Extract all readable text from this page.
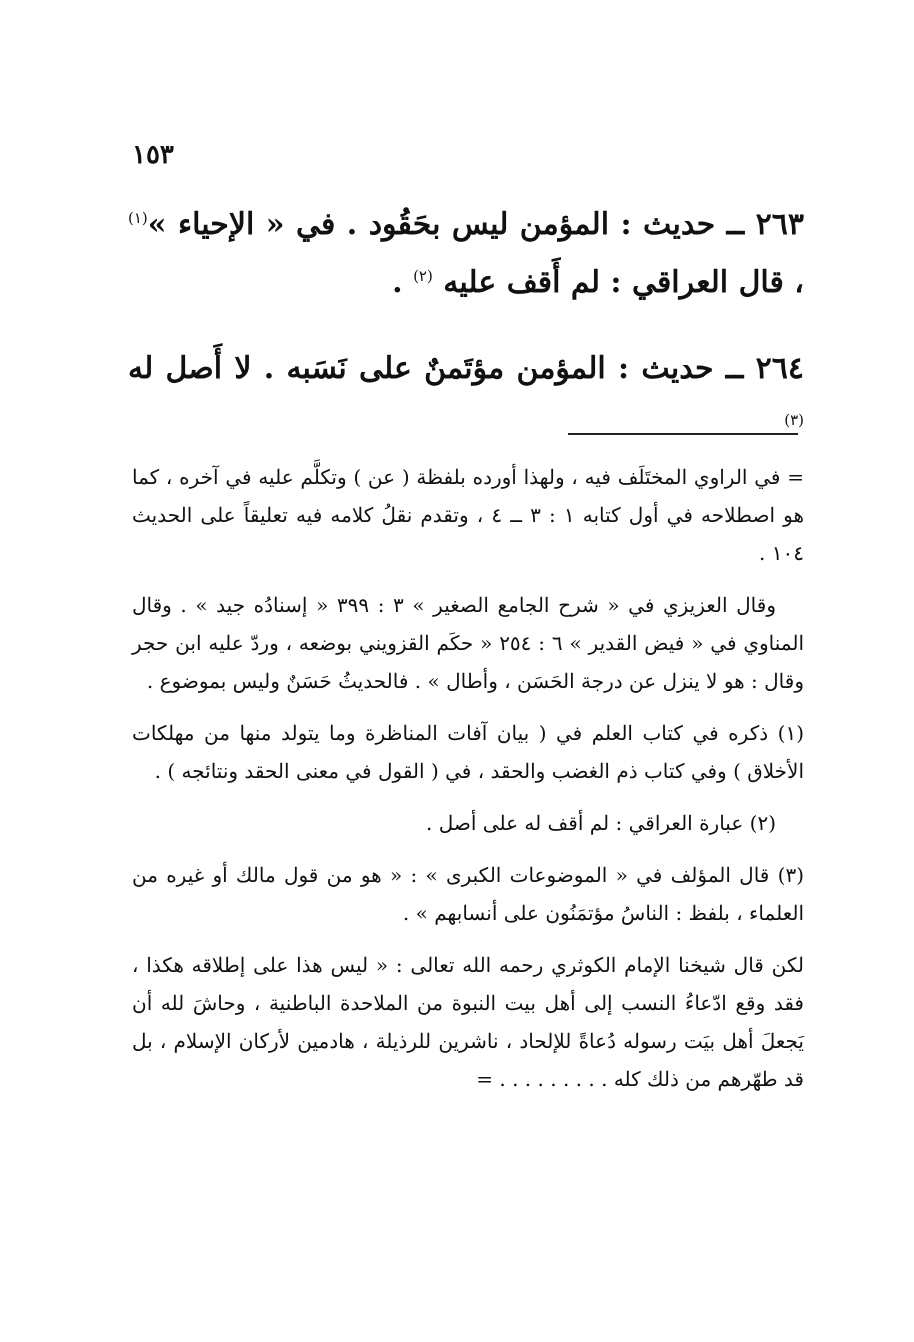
١٥٣

٢٦٣ ــ حديث : المؤمن ليس بحَقُود . في « الإحياء »$^{(١)}$ ، قال العراقي : لم أَقف عليه $^{(٢)}$ .

٢٦٤ ــ حديث : المؤمن مؤتَمنٌ على نَسَبه . لا أَصل له $^{(٣)}$

= في الراوي المختَلَف فيه ، ولهذا أورده بلفظة ( عن ) وتكلَّم عليه في آخره ، كما هو اصطلاحه في أول كتابه ١ : ٣ ــ ٤ ، وتقدم نقلُ كلامه فيه تعليقاً على الحديث ١٠٤ .

وقال العزيزي في « شرح الجامع الصغير » ٣ : ٣٩٩ « إسنادُه جيد » . وقال المناوي في « فيض القدير » ٦ : ٢٥٤ « حكَم القزويني بوضعه ، وردّ عليه ابن حجر وقال : هو لا ينزل عن درجة الحَسَن ، وأطال » . فالحديثُ حَسَنٌ وليس بموضوع .

(١) ذكره في كتاب العلم في ( بيان آفات المناظرة وما يتولد منها من مهلكات الأخلاق ) وفي كتاب ذم الغضب والحقد ، في ( القول في معنى الحقد ونتائجه ) .

(٢) عبارة العراقي : لم أقف له على أصل .

(٣) قال المؤلف في « الموضوعات الكبرى » : « هو من قول مالك أو غيره من العلماء ، بلفظ : الناسُ مؤتمَنُون على أنسابهم » .

لكن قال شيخنا الإمام الكوثري رحمه الله تعالى : « ليس هذا على إطلاقه هكذا ، فقد وقع ادّعاءُ النسب إلى أهل بيت النبوة من الملاحدة الباطنية ، وحاشَ لله أن يَجعلَ أهل بيَت رسوله دُعاةً للإلحاد ، ناشرين للرذيلة ، هادمين لأركان الإسلام ، بل قد طهّرهم من ذلك كله . . . . . . . . . =
